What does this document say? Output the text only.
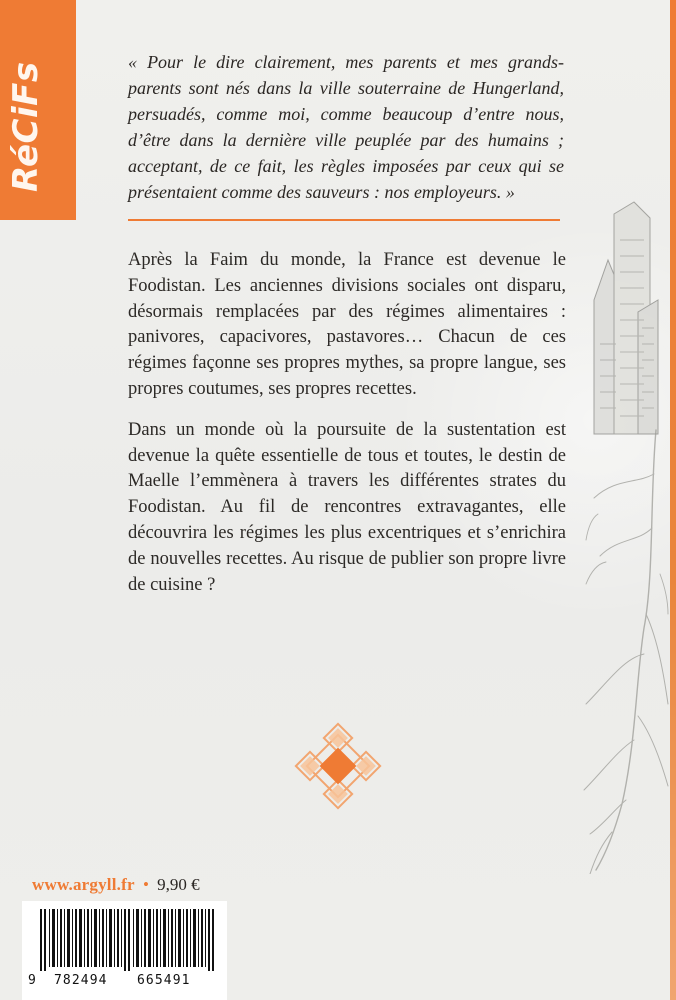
RéCiFs	« Pour le dire clairement, mes parents et mes grands-parents sont nés dans la ville souterraine de Hungerland, persuadés, comme moi, comme beaucoup d’entre nous, d’être dans la dernière ville peuplée par des humains ; acceptant, de ce fait, les règles imposées par ceux qui se présentaient comme des sauveurs : nos employeurs. »

Après la Faim du monde, la France est devenue le Foodistan. Les anciennes divisions sociales ont disparu, désormais remplacées par des régimes alimentaires : panivores, capacivores, pastavores… Chacun de ces régimes façonne ses propres mythes, sa propre langue, ses propres coutumes, ses propres recettes.

Dans un monde où la poursuite de la sustentation est devenue la quête essentielle de tous et toutes, le destin de Maelle l’emmènera à travers les différentes strates du Foodistan. Au fil de rencontres extravagantes, elle découvrira les régimes les plus excentriques et s’enrichira de nouvelles recettes. Au risque de publier son propre livre de cuisine ?

www.argyll.fr • 9,90 €
9 782494 665491
